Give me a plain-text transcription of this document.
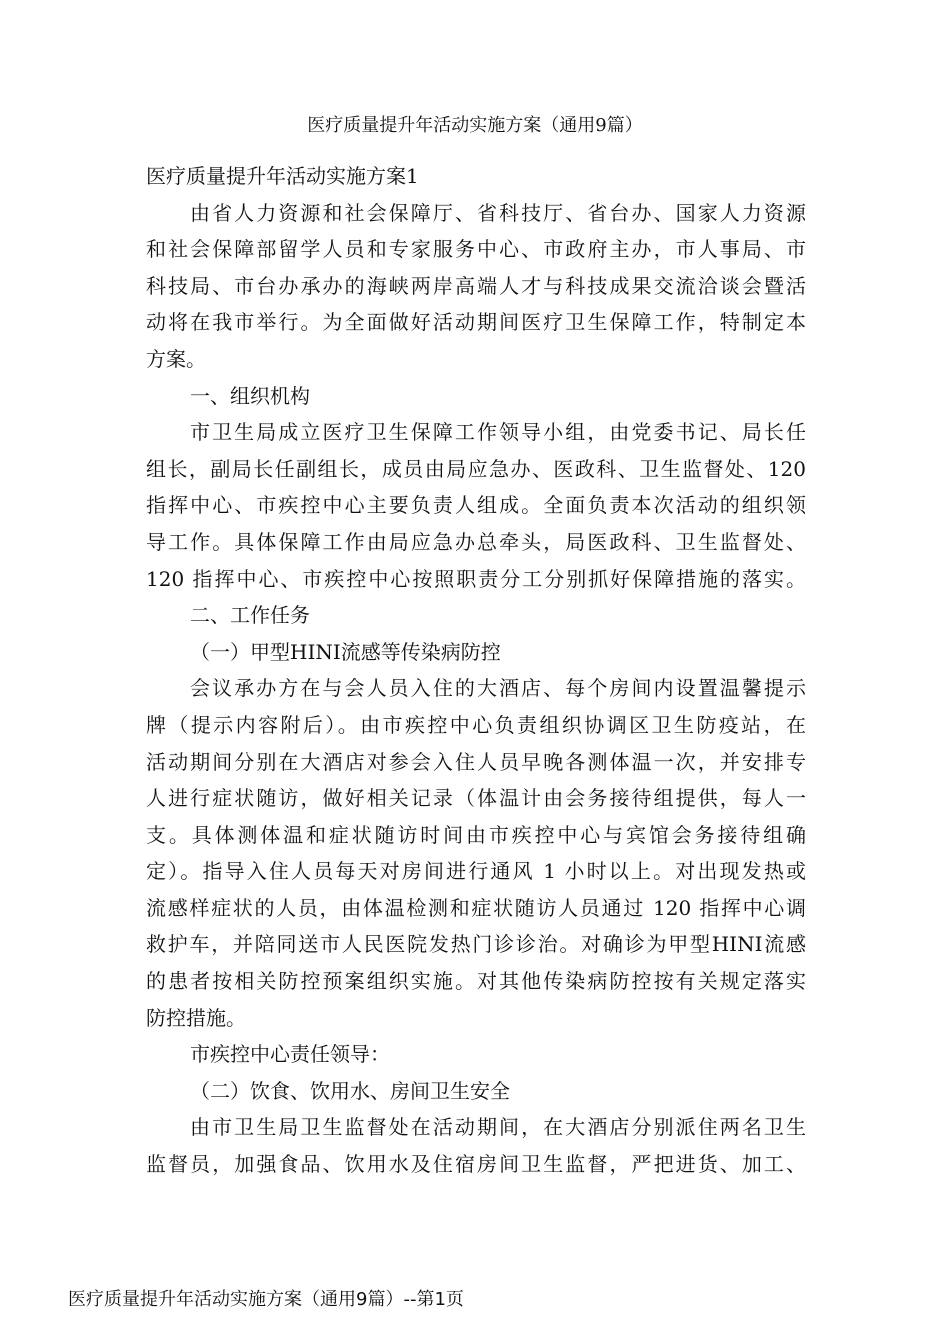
医疗质量提升年活动实施方案（通用9篇）
医疗质量提升年活动实施方案1
由省人力资源和社会保障厅、省科技厅、省台办、国家人力资源
和社会保障部留学人员和专家服务中心、市政府主办，市人事局、市
科技局、市台办承办的海峡两岸高端人才与科技成果交流洽谈会暨活
动将在我市举行。为全面做好活动期间医疗卫生保障工作，特制定本
方案。
一、组织机构
市卫生局成立医疗卫生保障工作领导小组，由党委书记、局长任
组长，副局长任副组长，成员由局应急办、医政科、卫生监督处、120
指挥中心、市疾控中心主要负责人组成。全面负责本次活动的组织领
导工作。具体保障工作由局应急办总牵头，局医政科、卫生监督处、
120 指挥中心、市疾控中心按照职责分工分别抓好保障措施的落实。
二、工作任务
（一）甲型HINI流感等传染病防控
会议承办方在与会人员入住的大酒店、每个房间内设置温馨提示
牌（提示内容附后）。由市疾控中心负责组织协调区卫生防疫站，在
活动期间分别在大酒店对参会入住人员早晚各测体温一次，并安排专
人进行症状随访，做好相关记录（体温计由会务接待组提供，每人一
支。具体测体温和症状随访时间由市疾控中心与宾馆会务接待组确
定）。指导入住人员每天对房间进行通风 1 小时以上。对出现发热或
流感样症状的人员，由体温检测和症状随访人员通过 120 指挥中心调
救护车，并陪同送市人民医院发热门诊诊治。对确诊为甲型HINI流感
的患者按相关防控预案组织实施。对其他传染病防控按有关规定落实
防控措施。
市疾控中心责任领导：
（二）饮食、饮用水、房间卫生安全
由市卫生局卫生监督处在活动期间，在大酒店分别派住两名卫生
监督员，加强食品、饮用水及住宿房间卫生监督，严把进货、加工、
医疗质量提升年活动实施方案（通用9篇）--第1页
